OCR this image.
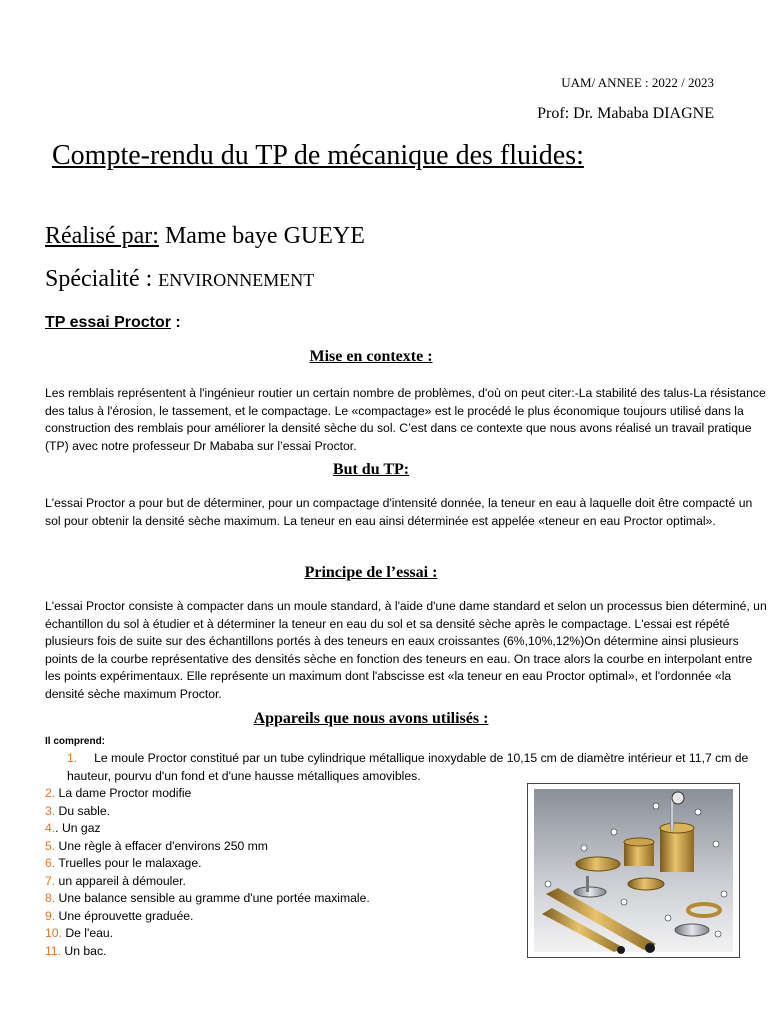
UAM/ ANNEE : 2022 / 2023
Prof: Dr. Mababa DIAGNE
Compte-rendu du TP de mécanique des fluides:
Réalisé par: Mame baye GUEYE
Spécialité : ENVIRONNEMENT
TP essai Proctor :
Mise en contexte :
Les remblais représentent à l'ingénieur routier un certain nombre de problèmes, d'où on peut citer:-La stabilité des talus-La résistance des talus à l'érosion, le tassement, et le compactage. Le «compactage» est le procédé le plus économique toujours utilisé dans la construction des remblais pour améliorer la densité sèche du sol. C’est dans ce contexte que nous avons réalisé un travail pratique (TP) avec notre professeur Dr Mababa sur l’essai Proctor.
But du TP:
L'essai Proctor a pour but de déterminer, pour un compactage d'intensité donnée, la teneur en eau à laquelle doit être compacté un sol pour obtenir la densité sèche maximum. La teneur en eau ainsi déterminée est appelée «teneur en eau Proctor optimal».
Principe de l’essai :
L'essai Proctor consiste à compacter dans un moule standard, à l'aide d'une dame standard et selon un processus bien déterminé, un échantillon du sol à étudier et à déterminer la teneur en eau du sol et sa densité sèche après le compactage. L'essai est répété plusieurs fois de suite sur des échantillons portés à des teneurs en eaux croissantes (6%,10%,12%)On détermine ainsi plusieurs points de la courbe représentative des densités sèche en fonction des teneurs en eau. On trace alors la courbe en interpolant entre les points expérimentaux. Elle représente un maximum dont l'abscisse est «la teneur en eau Proctor optimal», et l'ordonnée «la densité sèche maximum Proctor.
Appareils que nous avons utilisés :
Il comprend:
1. Le moule Proctor constitué par un tube cylindrique métallique inoxydable de 10,15 cm de diamètre intérieur et 11,7 cm de hauteur, pourvu d'un fond et d'une hausse métalliques amovibles.
2. La dame Proctor modifie
3. Du sable.
4.. Un gaz
5. Une règle à effacer d'environs 250 mm
6. Truelles pour le malaxage.
7. un appareil à démouler.
8. Une balance sensible au gramme d'une portée maximale.
9. Une éprouvette graduée.
10. De l'eau.
11. Un bac.
